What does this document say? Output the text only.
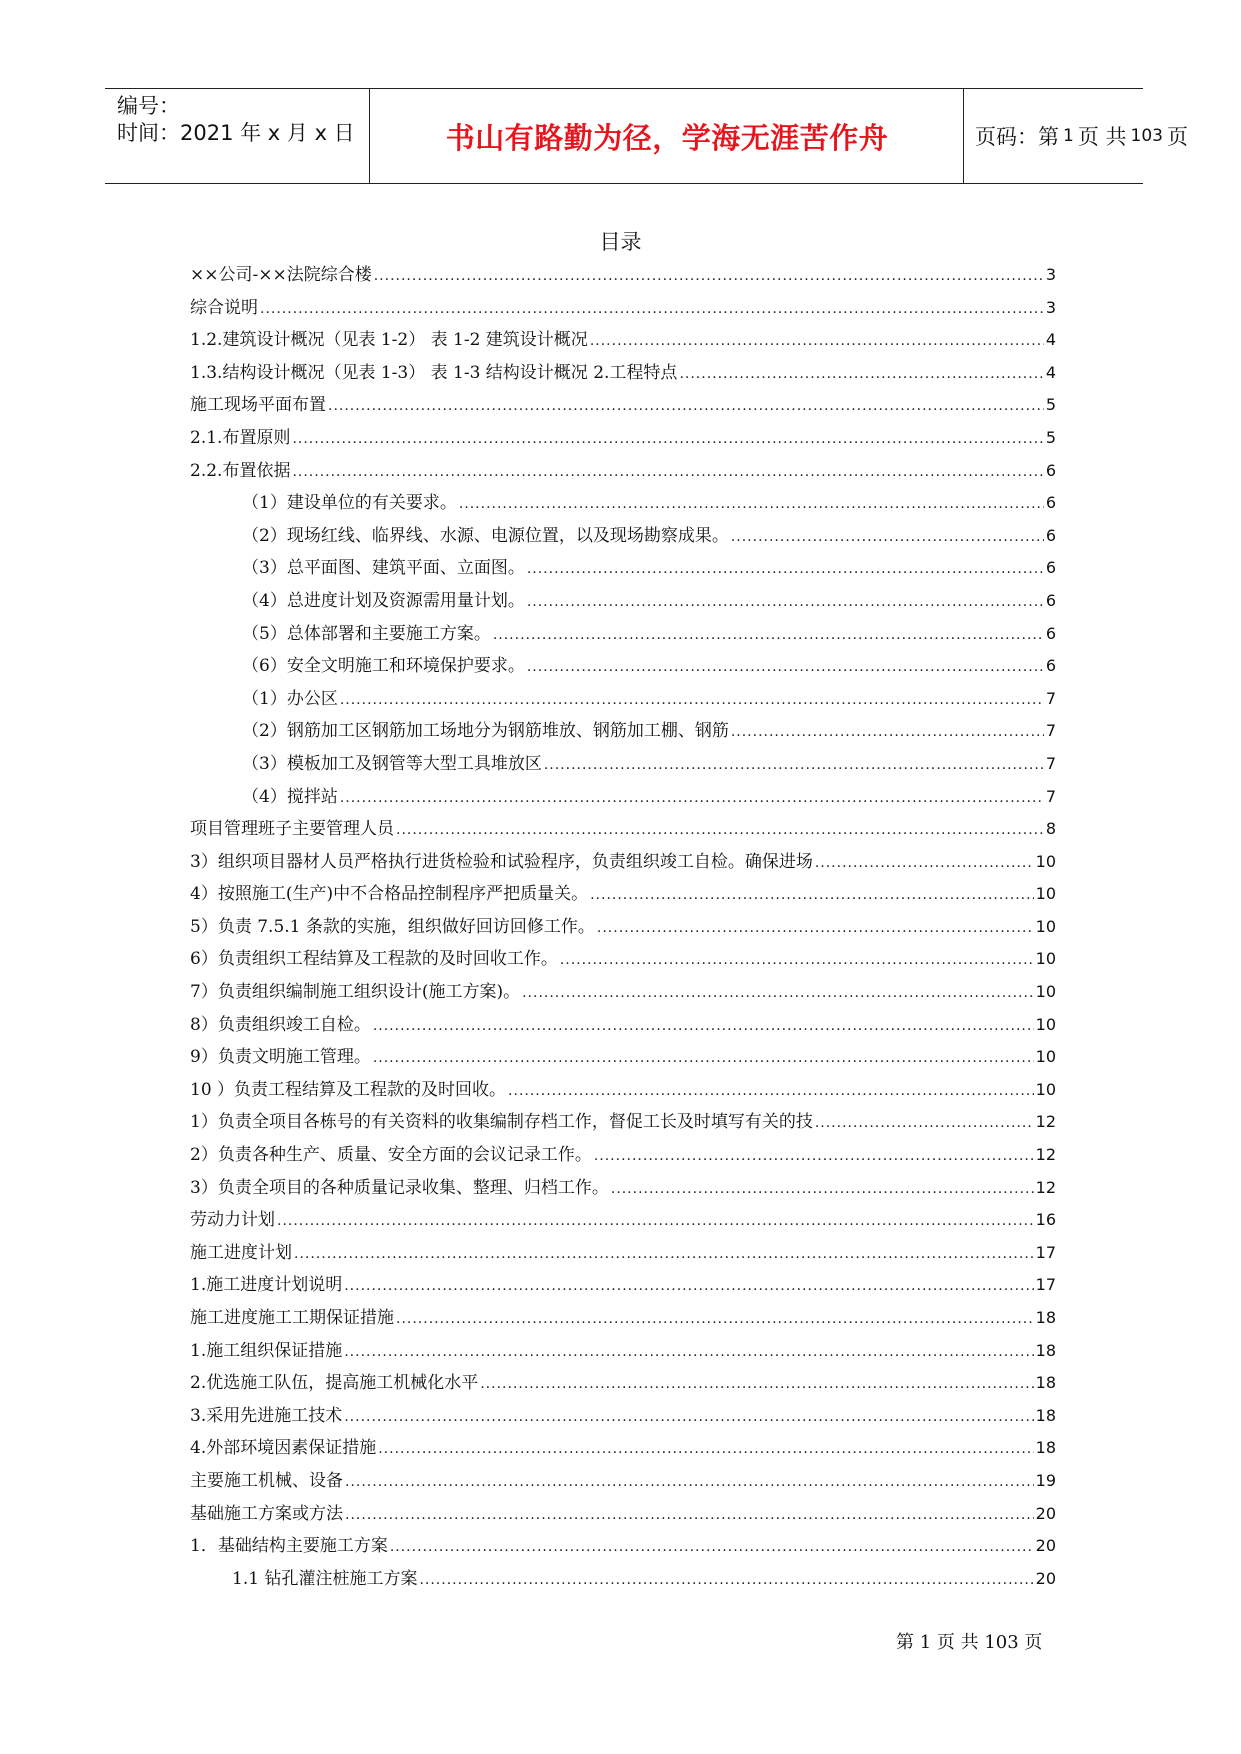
编号：
时间：2021 年 x 月 x 日	书山有路勤为径，学海无涯苦作舟	页码：第 1 页 共 103 页
目录
××公司-××法院综合楼 .....	3
综合说明 .....	3
1.2.建筑设计概况（见表 1-2） 表 1-2 建筑设计概况 .....	4
1.3.结构设计概况（见表 1-3） 表 1-3 结构设计概况 2.工程特点 .....	4
施工现场平面布置 .....	5
2.1.布置原则 .....	5
2.2.布置依据 .....	6
（1）建设单位的有关要求。 .....	6
（2）现场红线、临界线、水源、电源位置，以及现场勘察成果。 .....	6
（3）总平面图、建筑平面、立面图。 .....	6
（4）总进度计划及资源需用量计划。 .....	6
（5）总体部署和主要施工方案。 .....	6
（6）安全文明施工和环境保护要求。 .....	6
（1）办公区 .....	7
（2）钢筋加工区钢筋加工场地分为钢筋堆放、钢筋加工棚、钢筋 .....	7
（3）模板加工及钢管等大型工具堆放区 .....	7
（4）搅拌站 .....	7
项目管理班子主要管理人员 .....	8
3）组织项目器材人员严格执行进货检验和试验程序，负责组织竣工自检。确保进场 .....	10
4）按照施工(生产)中不合格品控制程序严把质量关。 .....	10
5）负责 7.5.1 条款的实施，组织做好回访回修工作。 .....	10
6）负责组织工程结算及工程款的及时回收工作。 .....	10
7）负责组织编制施工组织设计(施工方案)。 .....	10
8）负责组织竣工自检。 .....	10
9）负责文明施工管理。 .....	10
10 ）负责工程结算及工程款的及时回收。 .....	10
1）负责全项目各栋号的有关资料的收集编制存档工作，督促工长及时填写有关的技 .....	12
2）负责各种生产、质量、安全方面的会议记录工作。 .....	12
3）负责全项目的各种质量记录收集、整理、归档工作。 .....	12
劳动力计划 .....	16
施工进度计划 .....	17
1.施工进度计划说明 .....	17
施工进度施工工期保证措施 .....	18
1.施工组织保证措施 .....	18
2.优选施工队伍，提高施工机械化水平 .....	18
3.采用先进施工技术 .....	18
4.外部环境因素保证措施 .....	18
主要施工机械、设备 .....	19
基础施工方案或方法 .....	20
1．基础结构主要施工方案 .....	20
1.1 钻孔灌注桩施工方案 .....	20
第 1 页 共 103 页
